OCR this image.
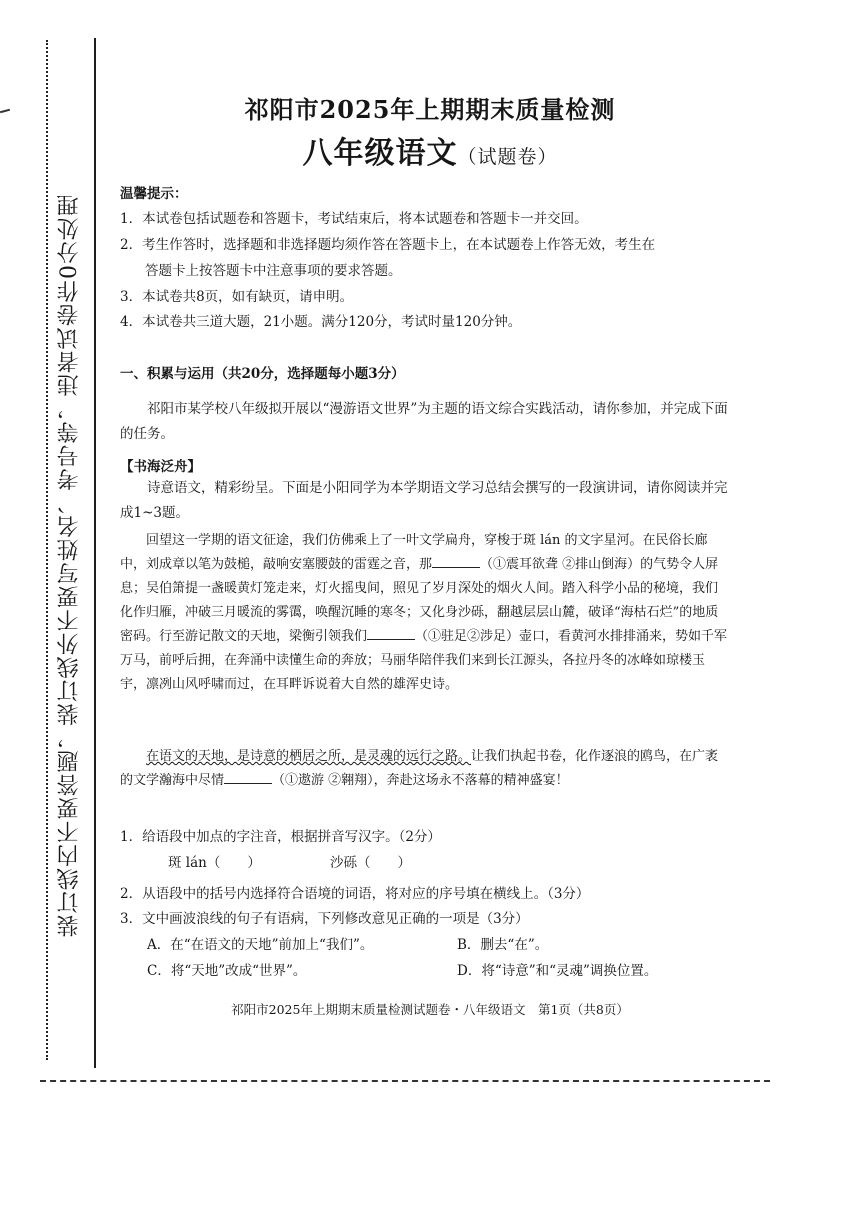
装订线内不要答题，装订线外不要写姓名、考号等，违者试卷作0分处理
祁阳市2025年上期期末质量检测
八年级语文（试题卷）
温馨提示：
1．本试卷包括试题卷和答题卡，考试结束后，将本试题卷和答题卡一并交回。
2．考生作答时，选择题和非选择题均须作答在答题卡上，在本试题卷上作答无效，考生在
答题卡上按答题卡中注意事项的要求答题。
3．本试卷共8页，如有缺页，请申明。
4．本试卷共三道大题，21小题。满分120分，考试时量120分钟。
一、积累与运用（共20分，选择题每小题3分）
祁阳市某学校八年级拟开展以“漫游语文世界”为主题的语文综合实践活动，请你参加，并完成下面的任务。
【书海泛舟】
诗意语文，精彩纷呈。下面是小阳同学为本学期语文学习总结会撰写的一段演讲词，请你阅读并完成1~3题。
回望这一学期的语文征途，我们仿佛乘上了一叶文学扁舟，穿梭于斑 lán 的文字星河。在民俗长廊中，刘成章以笔为鼓槌，敲响安塞腰鼓的雷霆之音，那	（①震耳欲聋 ②排山倒海）的气势令人屏息；吴伯箫提一盏暖黄灯笼走来，灯火摇曳间，照见了岁月深处的烟火人间。踏入科学小品的秘境，我们化作归雁，冲破三月暖流的雾霭，唤醒沉睡的寒冬；又化身沙砾，翻越层层山麓，破译“海枯石烂”的地质密码。行至游记散文的天地，梁衡引领我们	（①驻足②涉足）壶口，看黄河水排排涌来，势如千军万马，前呼后拥，在奔涌中读懂生命的奔放；马丽华陪伴我们来到长江源头，各拉丹冬的冰峰如琼楼玉宇，凛冽山风呼啸而过，在耳畔诉说着大自然的雄浑史诗。
在语文的天地，是诗意的栖居之所，是灵魂的远行之路。让我们执起书卷，化作逐浪的鸥鸟，在广袤的文学瀚海中尽情	（①遨游 ②翱翔），奔赴这场永不落幕的精神盛宴！
1．给语段中加点的字注音，根据拼音写汉字。（2分）
斑 lán（　　）	沙砾（　　）
2．从语段中的括号内选择符合语境的词语，将对应的序号填在横线上。（3分）
3．文中画波浪线的句子有语病，下列修改意见正确的一项是（3分）
A．在“在语文的天地”前加上“我们”。	B．删去“在”。
C．将“天地”改成“世界”。	D．将“诗意”和“灵魂”调换位置。
祁阳市2025年上期期末质量检测试题卷・八年级语文　第1页（共8页）
